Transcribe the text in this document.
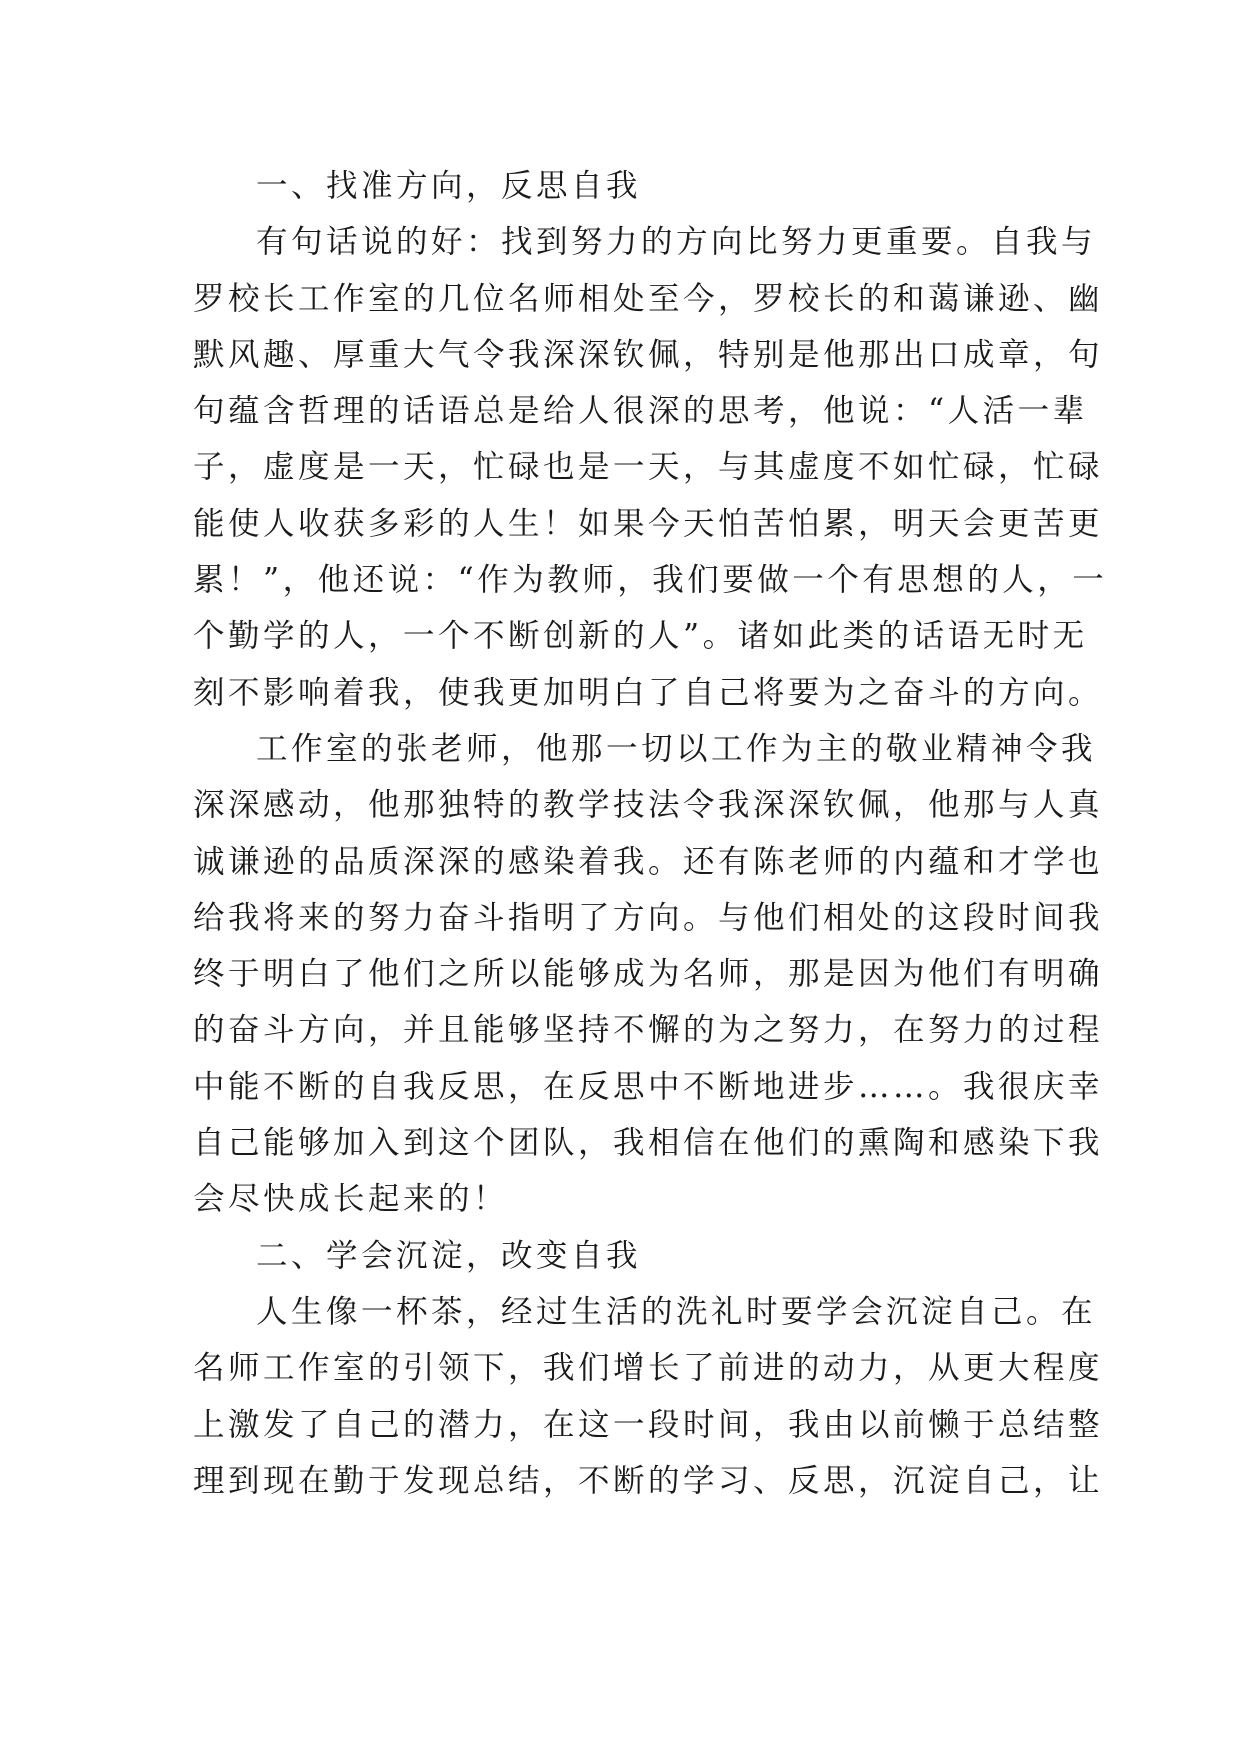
一、找准方向，反思自我
有句话说的好：找到努力的方向比努力更重要。自我与
罗校长工作室的几位名师相处至今，罗校长的和蔼谦逊、幽
默风趣、厚重大气令我深深钦佩，特别是他那出口成章，句
句蕴含哲理的话语总是给人很深的思考，他说：“人活一辈
子，虚度是一天，忙碌也是一天，与其虚度不如忙碌，忙碌
能使人收获多彩的人生！如果今天怕苦怕累，明天会更苦更
累！”，他还说：“作为教师，我们要做一个有思想的人，一
个勤学的人，一个不断创新的人”。诸如此类的话语无时无
刻不影响着我，使我更加明白了自己将要为之奋斗的方向。
工作室的张老师，他那一切以工作为主的敬业精神令我
深深感动，他那独特的教学技法令我深深钦佩，他那与人真
诚谦逊的品质深深的感染着我。还有陈老师的内蕴和才学也
给我将来的努力奋斗指明了方向。与他们相处的这段时间我
终于明白了他们之所以能够成为名师，那是因为他们有明确
的奋斗方向，并且能够坚持不懈的为之努力，在努力的过程
中能不断的自我反思，在反思中不断地进步……。我很庆幸
自己能够加入到这个团队，我相信在他们的熏陶和感染下我
会尽快成长起来的！
二、学会沉淀，改变自我
人生像一杯茶，经过生活的洗礼时要学会沉淀自己。在
名师工作室的引领下，我们增长了前进的动力，从更大程度
上激发了自己的潜力，在这一段时间，我由以前懒于总结整
理到现在勤于发现总结，不断的学习、反思，沉淀自己，让
